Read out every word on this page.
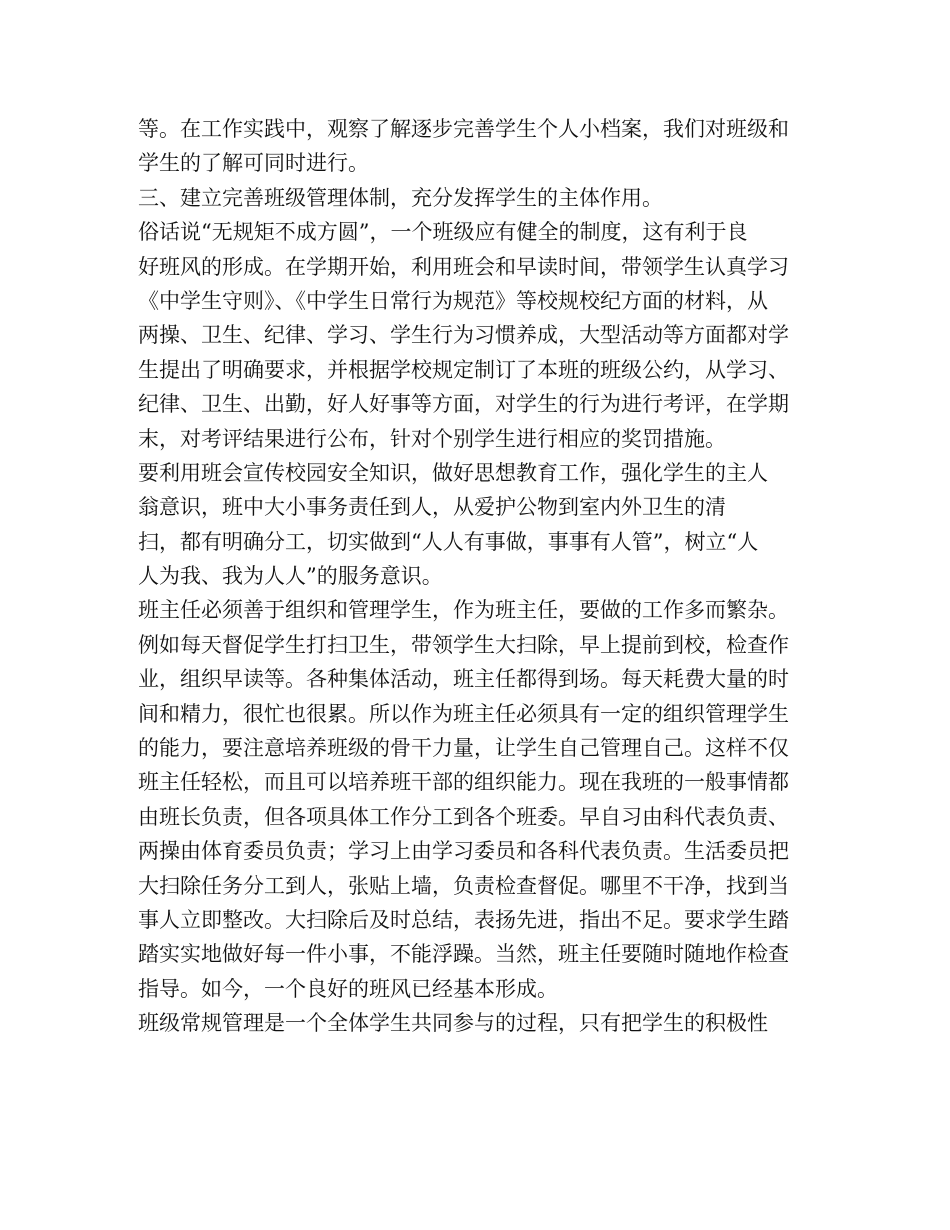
等。在工作实践中，观察了解逐步完善学生个人小档案，我们对班级和
学生的了解可同时进行。
三、建立完善班级管理体制，充分发挥学生的主体作用。
俗话说“无规矩不成方圆”，一个班级应有健全的制度，这有利于良
好班风的形成。在学期开始，利用班会和早读时间，带领学生认真学习
《中学生守则》、《中学生日常行为规范》等校规校纪方面的材料，从
两操、卫生、纪律、学习、学生行为习惯养成，大型活动等方面都对学
生提出了明确要求，并根据学校规定制订了本班的班级公约，从学习、
纪律、卫生、出勤，好人好事等方面，对学生的行为进行考评，在学期
末，对考评结果进行公布，针对个别学生进行相应的奖罚措施。
要利用班会宣传校园安全知识，做好思想教育工作，强化学生的主人
翁意识，班中大小事务责任到人，从爱护公物到室内外卫生的清
扫，都有明确分工，切实做到“人人有事做，事事有人管”，树立“人
人为我、我为人人”的服务意识。
班主任必须善于组织和管理学生，作为班主任，要做的工作多而繁杂。
例如每天督促学生打扫卫生，带领学生大扫除，早上提前到校，检查作
业，组织早读等。各种集体活动，班主任都得到场。每天耗费大量的时
间和精力，很忙也很累。所以作为班主任必须具有一定的组织管理学生
的能力，要注意培养班级的骨干力量，让学生自己管理自己。这样不仅
班主任轻松，而且可以培养班干部的组织能力。现在我班的一般事情都
由班长负责，但各项具体工作分工到各个班委。早自习由科代表负责、
两操由体育委员负责；学习上由学习委员和各科代表负责。生活委员把
大扫除任务分工到人，张贴上墙，负责检查督促。哪里不干净，找到当
事人立即整改。大扫除后及时总结，表扬先进，指出不足。要求学生踏
踏实实地做好每一件小事，不能浮躁。当然，班主任要随时随地作检查
指导。如今，一个良好的班风已经基本形成。
班级常规管理是一个全体学生共同参与的过程，只有把学生的积极性
